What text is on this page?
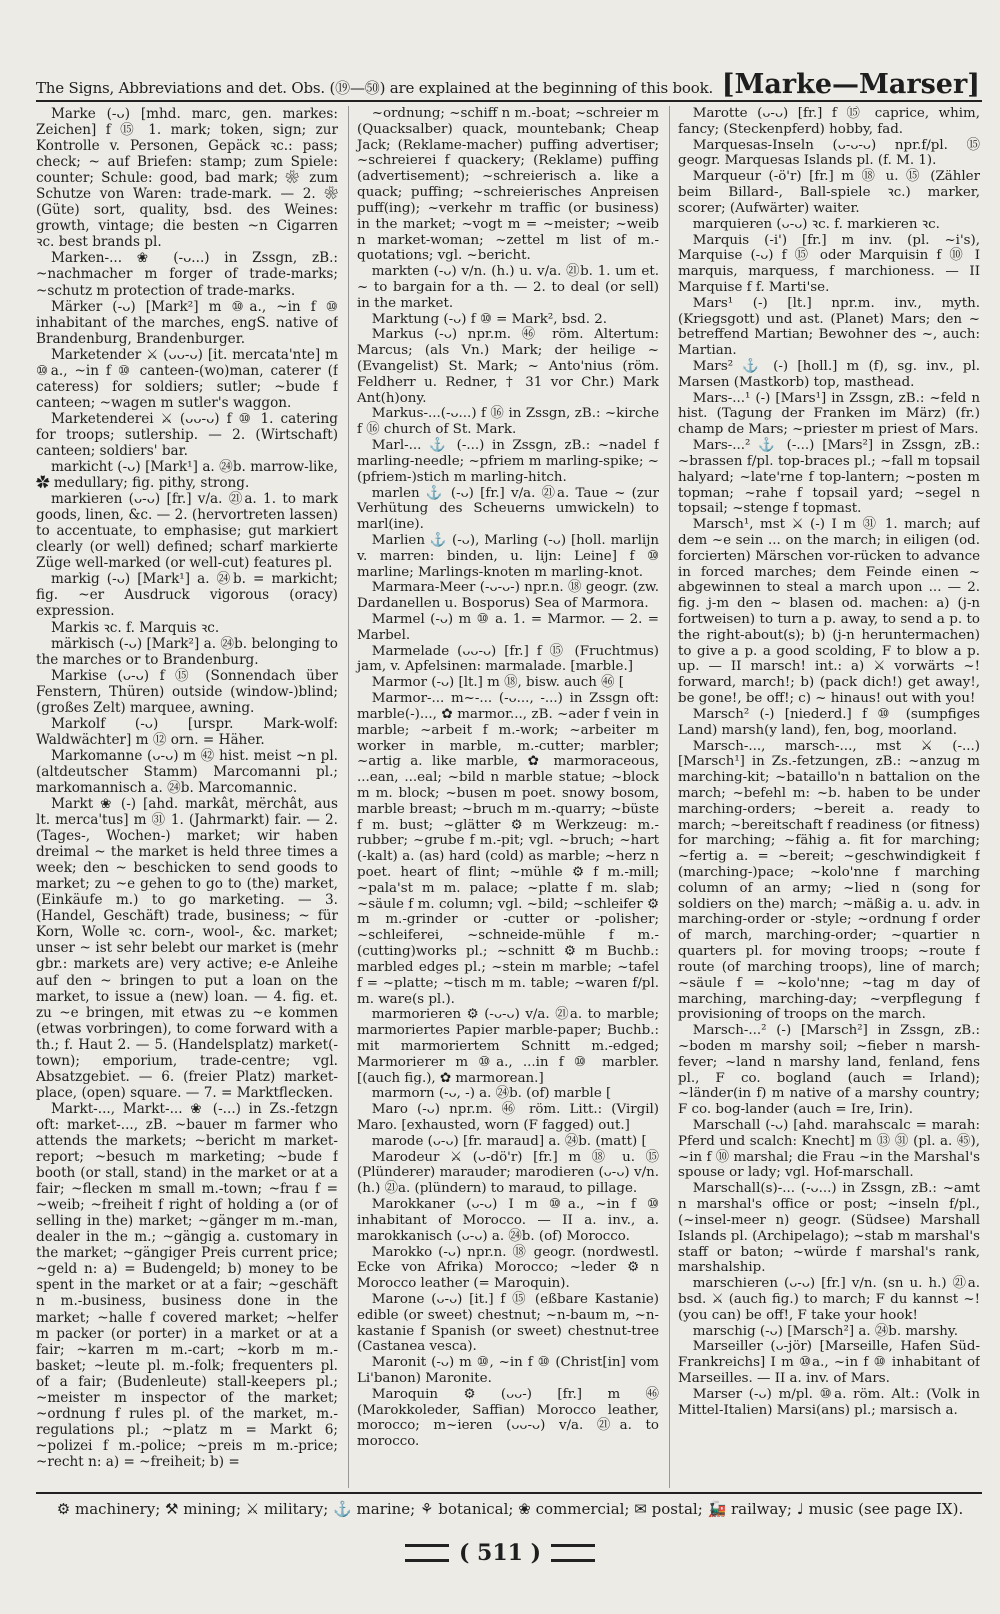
The Signs, Abbreviations and det. Obs. (⑲—㊿) are explained at the beginning of this book. [Marke—Marser]

Marke (-ᴗ) [mhd. marc, gen. markes: Zeichen] f ⑮ 1. mark; token, sign; zur Kontrolle v. Personen, Gepäck ꝛc.: pass; check; ~ auf Briefen: stamp; zum Spiele: counter; Schule: good, bad mark; ❀ zum Schutze von Waren: trade-mark. — 2. ❀ (Güte) sort, quality, bsd. des Weines: growth, vintage; die besten ~n Cigarren ꝛc. best brands pl.

Marken-... ❀ (-ᴗ...) in Zssgn, zB.: ~nachmacher m forger of trade-marks; ~schutz m protection of trade-marks.

Märker (-ᴗ) [Mark²] m ⑩a., ~in f ⑩ inhabitant of the marches, engS. native of Brandenburg, Brandenburger.

Marketender ⚔ (ᴗᴗ-ᴗ) [it. mercata'nte] m ⑩a., ~in f ⑩ canteen-(wo)man, caterer (f cateress) for soldiers; sutler; ~bude f canteen; ~wagen m sutler's waggon.

Marketenderei ⚔ (ᴗᴗ-ᴗ) f ⑩ 1. catering for troops; sutlership. — 2. (Wirtschaft) canteen; soldiers' bar.

markicht (-ᴗ) [Mark¹] a. ㉔b. marrow-like, ✿ medullary; fig. pithy, strong.

markieren (ᴗ-ᴗ) [fr.] v/a. ㉑a. 1. to mark goods, linen, &c. — 2. (hervortreten lassen) to accentuate, to emphasise; gut markiert clearly (or well) defined; scharf markierte Züge well-marked (or well-cut) features pl.

markig (-ᴗ) [Mark¹] a. ㉔b. = markicht; fig. ~er Ausdruck vigorous (oracy) expression.

Markis ꝛc. f. Marquis ꝛc.

märkisch (-ᴗ) [Mark²] a. ㉔b. belonging to the marches or to Brandenburg.

Markise (ᴗ-ᴗ) f ⑮ (Sonnendach über Fenstern, Thüren) outside (window-)blind; (großes Zelt) marquee, awning.

Markolf (-ᴗ) [urspr. Mark-wolf: Waldwächter] m ⑫ orn. = Häher.

Markomanne (ᴗ-ᴗ) m ㊷ hist. meist ~n pl. (altdeutscher Stamm) Marcomanni pl.; markomannisch a. ㉔b. Marcomannic.

Markt ❀ (-) [ahd. markât, mërchât, aus lt. merca'tus] m ㉛ 1. (Jahrmarkt) fair. — 2. (Tages-, Wochen-) market; wir haben dreimal ~ the market is held three times a week; den ~ beschicken to send goods to market; zu ~e gehen to go to (the) market, (Einkäufe m.) to go marketing. — 3. (Handel, Geschäft) trade, business; ~ für Korn, Wolle ꝛc. corn-, wool-, &c. market; unser ~ ist sehr belebt our market is (mehr gbr.: markets are) very active; e-e Anleihe auf den ~ bringen to put a loan on the market, to issue a (new) loan. — 4. fig. et. zu ~e bringen, mit etwas zu ~e kommen (etwas vorbringen), to come forward with a th.; f. Haut 2. — 5. (Handelsplatz) market(-town); emporium, trade-centre; vgl. Absatzgebiet. — 6. (freier Platz) market-place, (open) square. — 7. = Marktflecken.

Markt-..., Markt-... ❀ (-...) in Zs.-fetzgn oft: market-..., zB. ~bauer m farmer who attends the markets; ~bericht m market-report; ~besuch m marketing; ~bude f booth (or stall, stand) in the market or at a fair; ~flecken m small m.-town; ~frau f = ~weib; ~freiheit f right of holding a (or of selling in the) market; ~gänger m m.-man, dealer in the m.; ~gängig a. customary in the market; ~gängiger Preis current price; ~geld n: a) = Budengeld; b) money to be spent in the market or at a fair; ~geschäft n m.-business, business done in the market; ~halle f covered market; ~helfer m packer (or porter) in a market or at a fair; ~karren m m.-cart; ~korb m m.-basket; ~leute pl. m.-folk; frequenters pl. of a fair; (Budenleute) stall-keepers pl.; ~meister m inspector of the market; ~ordnung f rules pl. of the market, m.-regulations pl.; ~platz m = Markt 6; ~polizei f m.-police; ~preis m m.-price; ~recht n: a) = ~freiheit; b) =

~ordnung; ~schiff n m.-boat; ~schreier m (Quacksalber) quack, mountebank; Cheap Jack; (Reklame-macher) puffing advertiser; ~schreierei f quackery; (Reklame) puffing (advertisement); ~schreierisch a. like a quack; puffing; ~schreierisches Anpreisen puff(ing); ~verkehr m traffic (or business) in the market; ~vogt m = ~meister; ~weib n market-woman; ~zettel m list of m.-quotations; vgl. ~bericht.

markten (-ᴗ) v/n. (h.) u. v/a. ㉑b. 1. um et. ~ to bargain for a th. — 2. to deal (or sell) in the market.

Marktung (-ᴗ) f ⑩ = Mark², bsd. 2.

Markus (-ᴗ) npr.m. ㊻ röm. Altertum: Marcus; (als Vn.) Mark; der heilige ~ (Evangelist) St. Mark; ~ Anto'nius (röm. Feldherr u. Redner, † 31 vor Chr.) Mark Ant(h)ony.

Markus-...(-ᴗ...) f ⑯ in Zssgn, zB.: ~kirche f ⑯ church of St. Mark.

Marl-... ⚓ (-...) in Zssgn, zB.: ~nadel f marling-needle; ~pfriem m marling-spike; ~(pfriem-)stich m marling-hitch.

marlen ⚓ (-ᴗ) [fr.] v/a. ㉑a. Taue ~ (zur Verhütung des Scheuerns umwickeln) to marl(ine).

Marlien ⚓ (-ᴗ), Marling (-ᴗ) [holl. marlijn v. marren: binden, u. lijn: Leine] f ⑩ marline; Marlings-knoten m marling-knot.

Marmara-Meer (-ᴗ-ᴗ-) npr.n. ⑱ geogr. (zw. Dardanellen u. Bosporus) Sea of Marmora.

Marmel (-ᴗ) m ⑩ a. 1. = Marmor. — 2. = Marbel.

Marmelade (ᴗᴗ-ᴗ) [fr.] f ⑮ (Fruchtmus) jam, v. Apfelsinen: marmalade. [marble.]

Marmor (-ᴗ) [lt.] m ⑱, bisw. auch ㊻ [

Marmor-... m~-... (-ᴗ..., -...) in Zssgn oft: marble(-)..., ✿ marmor..., zB. ~ader f vein in marble; ~arbeit f m.-work; ~arbeiter m worker in marble, m.-cutter; marbler; ~artig a. like marble, ✿ marmoraceous, ...ean, ...eal; ~bild n marble statue; ~block m m. block; ~busen m poet. snowy bosom, marble breast; ~bruch m m.-quarry; ~büste f m. bust; ~glätter ⚙ m Werkzeug: m.-rubber; ~grube f m.-pit; vgl. ~bruch; ~hart (-kalt) a. (as) hard (cold) as marble; ~herz n poet. heart of flint; ~mühle ⚙ f m.-mill; ~pala'st m m. palace; ~platte f m. slab; ~säule f m. column; vgl. ~bild; ~schleifer ⚙ m m.-grinder or -cutter or -polisher; ~schleiferei, ~schneide-mühle f m.-(cutting)works pl.; ~schnitt ⚙ m Buchb.: marbled edges pl.; ~stein m marble; ~tafel f = ~platte; ~tisch m m. table; ~waren f/pl. m. ware(s pl.).

marmorieren ⚙ (-ᴗ-ᴗ) v/a. ㉑a. to marble; marmoriertes Papier marble-paper; Buchb.: mit marmoriertem Schnitt m.-edged; Marmorierer m ⑩a., ...in f ⑩ marbler. [(auch fig.), ✿ marmorean.]

marmorn (-ᴗ, -) a. ㉔b. (of) marble [

Maro (-ᴗ) npr.m. ㊻ röm. Litt.: (Virgil) Maro. [exhausted, worn (F fagged) out.]

marode (ᴗ-ᴗ) [fr. maraud] a. ㉔b. (matt) [

Marodeur ⚔ (ᴗ-dö'r) [fr.] m ⑱ u. ⑮ (Plünderer) marauder; marodieren (ᴗ-ᴗ) v/n. (h.) ㉑a. (plündern) to maraud, to pillage.

Marokkaner (ᴗ-ᴗ) I m ⑩a., ~in f ⑩ inhabitant of Morocco. — II a. inv., a. marokkanisch (ᴗ-ᴗ) a. ㉔b. (of) Morocco.

Marokko (-ᴗ) npr.n. ⑱ geogr. (nordwestl. Ecke von Afrika) Morocco; ~leder ⚙ n Morocco leather (= Maroquin).

Marone (ᴗ-ᴗ) [it.] f ⑮ (eßbare Kastanie) edible (or sweet) chestnut; ~n-baum m, ~n-kastanie f Spanish (or sweet) chestnut-tree (Castanea vesca).

Maronit (-ᴗ) m ⑩, ~in f ⑩ (Christ[in] vom Li'banon) Maronite.

Maroquin ⚙ (ᴗᴗ-) [fr.] m ㊻ (Marokkoleder, Saffian) Morocco leather, morocco; m~ieren (ᴗᴗ-ᴗ) v/a. ㉑a. to morocco.

Marotte (ᴗ-ᴗ) [fr.] f ⑮ caprice, whim, fancy; (Steckenpferd) hobby, fad.

Marquesas-Inseln (ᴗ-ᴗ-ᴗ) npr.f/pl. ⑮ geogr. Marquesas Islands pl. (f. M. 1).

Marqueur (-ö'r) [fr.] m ⑱ u. ⑮ (Zähler beim Billard-, Ball-spiele ꝛc.) marker, scorer; (Aufwärter) waiter.

marquieren (ᴗ-ᴗ) ꝛc. f. markieren ꝛc.

Marquis (-i') [fr.] m inv. (pl. ~i's), Marquise (-ᴗ) f ⑮ oder Marquisin f ⑩ I marquis, marquess, f marchioness. — II Marquise f f. Marti'se.

Mars¹ (-) [lt.] npr.m. inv., myth. (Kriegsgott) und ast. (Planet) Mars; den ~ betreffend Martian; Bewohner des ~, auch: Martian.

Mars² ⚓ (-) [holl.] m (f), sg. inv., pl. Marsen (Mastkorb) top, masthead.

Mars-...¹ (-) [Mars¹] in Zssgn, zB.: ~feld n hist. (Tagung der Franken im März) (fr.) champ de Mars; ~priester m priest of Mars.

Mars-...² ⚓ (-...) [Mars²] in Zssgn, zB.: ~brassen f/pl. top-braces pl.; ~fall m topsail halyard; ~late'rne f top-lantern; ~posten m topman; ~rahe f topsail yard; ~segel n topsail; ~stenge f topmast.

Marsch¹, mst ⚔ (-) I m ㉛ 1. march; auf dem ~e sein ... on the march; in eiligen (od. forcierten) Märschen vor-rücken to advance in forced marches; dem Feinde einen ~ abgewinnen to steal a march upon ... — 2. fig. j-m den ~ blasen od. machen: a) (j-n fortweisen) to turn a p. away, to send a p. to the right-about(s); b) (j-n heruntermachen) to give a p. a good scolding, F to blow a p. up. — II marsch! int.: a) ⚔ vorwärts ~! forward, march!; b) (pack dich!) get away!, be gone!, be off!; c) ~ hinaus! out with you!

Marsch² (-) [niederd.] f ⑩ (sumpfiges Land) marsh(y land), fen, bog, moorland.

Marsch-..., marsch-..., mst ⚔ (-...) [Marsch¹] in Zs.-fetzungen, zB.: ~anzug m marching-kit; ~bataillo'n n battalion on the march; ~befehl m: ~b. haben to be under marching-orders; ~bereit a. ready to march; ~bereitschaft f readiness (or fitness) for marching; ~fähig a. fit for marching; ~fertig a. = ~bereit; ~geschwindigkeit f (marching-)pace; ~kolo'nne f marching column of an army; ~lied n (song for soldiers on the) march; ~mäßig a. u. adv. in marching-order or -style; ~ordnung f order of march, marching-order; ~quartier n quarters pl. for moving troops; ~route f route (of marching troops), line of march; ~säule f = ~kolo'nne; ~tag m day of marching, marching-day; ~verpflegung f provisioning of troops on the march.

Marsch-...² (-) [Marsch²] in Zssgn, zB.: ~boden m marshy soil; ~fieber n marsh-fever; ~land n marshy land, fenland, fens pl., F co. bogland (auch = Irland); ~länder(in f) m native of a marshy country; F co. bog-lander (auch = Ire, Irin).

Marschall (-ᴗ) [ahd. marahscalc = marah: Pferd und scalch: Knecht] m ⑬ ㉛ (pl. a. ㊺), ~in f ⑩ marshal; die Frau ~in the Marshal's spouse or lady; vgl. Hof-marschall.

Marschall(s)-... (-ᴗ...) in Zssgn, zB.: ~amt n marshal's office or post; ~inseln f/pl., (~insel-meer n) geogr. (Südsee) Marshall Islands pl. (Archipelago); ~stab m marshal's staff or baton; ~würde f marshal's rank, marshalship.

marschieren (ᴗ-ᴗ) [fr.] v/n. (sn u. h.) ㉑a. bsd. ⚔ (auch fig.) to march; F du kannst ~! (you can) be off!, F take your hook!

marschig (-ᴗ) [Marsch²] a. ㉔b. marshy.

Marseiller (ᴗ-jör) [Marseille, Hafen Süd-Frankreichs] I m ⑩a., ~in f ⑩ inhabitant of Marseilles. — II a. inv. of Mars.

Marser (-ᴗ) m/pl. ⑩a. röm. Alt.: (Volk in Mittel-Italien) Marsi(ans) pl.; marsisch a.

⚙ machinery; ⚒ mining; ⚔ military; ⚓ marine; ⚘ botanical; ❀ commercial; ✉ postal; 🚂 railway; ♩ music (see page IX).
( 511 )
